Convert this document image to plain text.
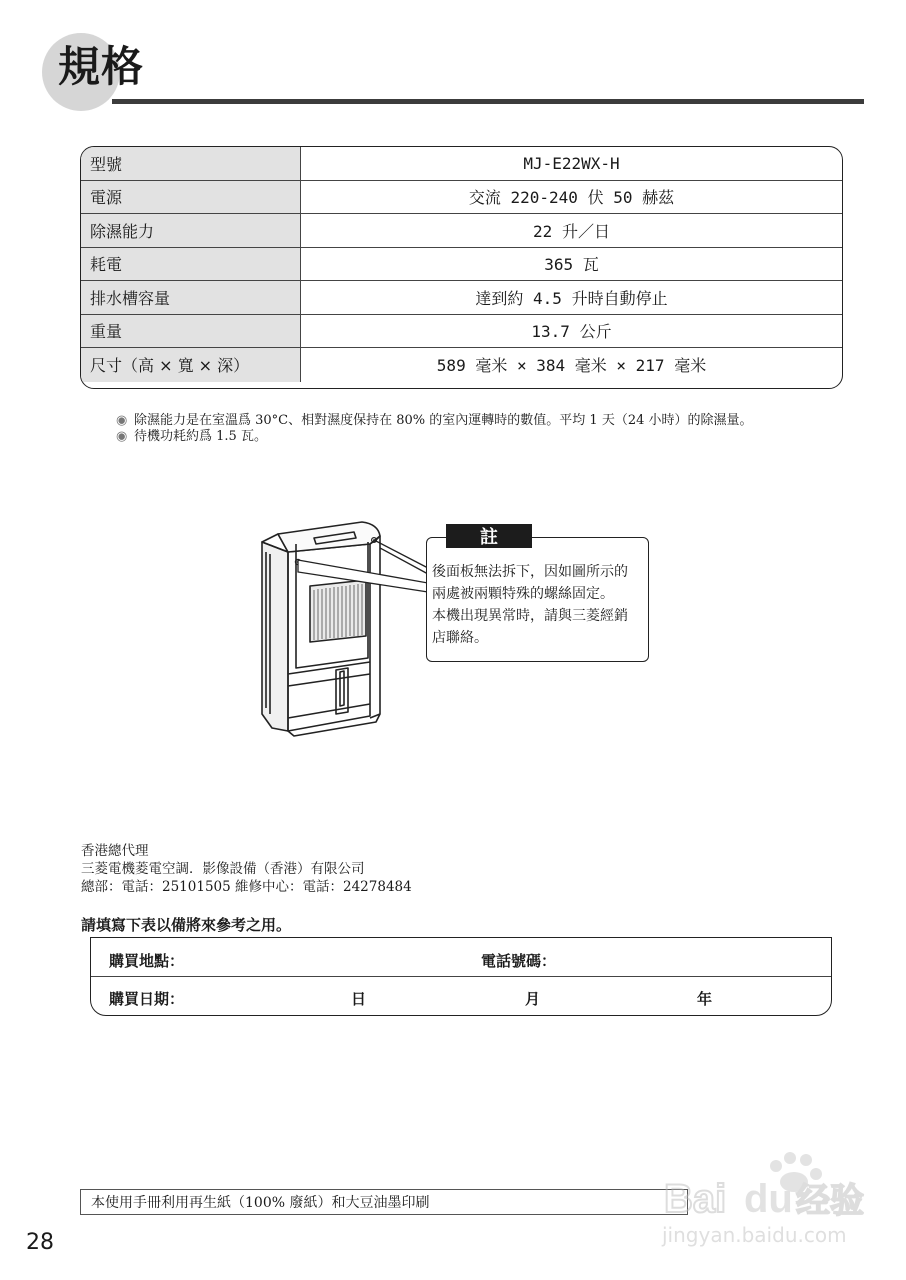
規格
型號	MJ-E22WX-H
電源	交流 220-240 伏 50 赫茲
除濕能力	22 升／日
耗電	365 瓦
排水槽容量	達到約 4.5 升時自動停止
重量	13.7 公斤
尺寸（高 × 寬 × 深）	589 毫米 × 384 毫米 × 217 毫米
◉ 除濕能力是在室溫爲 30°C、相對濕度保持在 80% 的室內運轉時的數值。平均 1 天（24 小時）的除濕量。
◉ 待機功耗約爲 1.5 瓦。
註
後面板無法拆下，因如圖所示的
兩處被兩顆特殊的螺絲固定。
本機出現異常時，請與三菱經銷
店聯絡。
香港總代理
三菱電機菱電空調．影像設備（香港）有限公司
總部：電話：25101505 維修中心：電話：24278484
請填寫下表以備將來參考之用。
購買地點：	電話號碼：
購買日期：	日	月	年
本使用手冊利用再生紙（100% 廢紙）和大豆油墨印刷	Bai du 经验
jingyan.baidu.com
28
